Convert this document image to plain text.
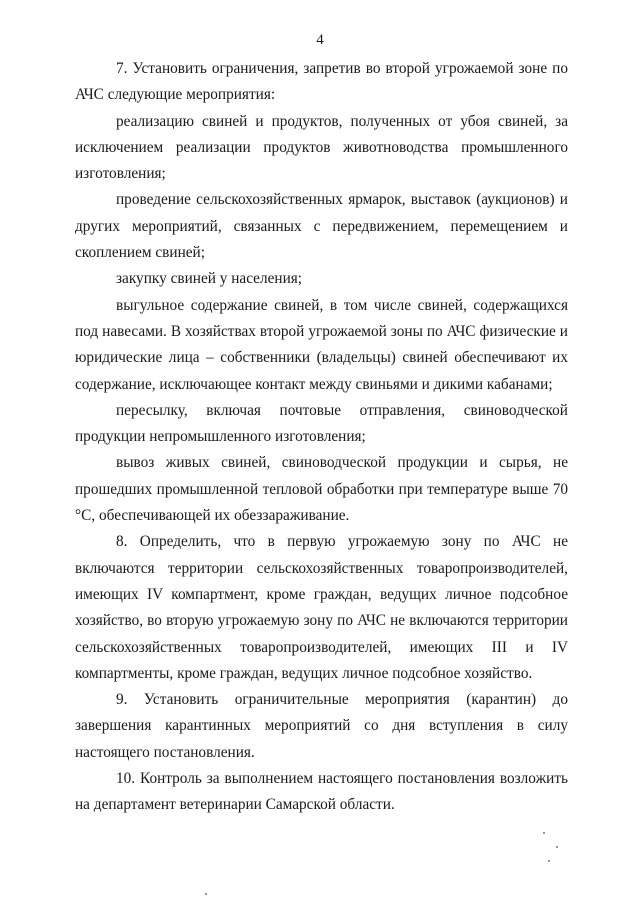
4

7. Установить ограничения, запретив во второй угрожаемой зоне по АЧС следующие мероприятия:

реализацию свиней и продуктов, полученных от убоя свиней, за исключением реализации продуктов животноводства промышленного изготовления;

проведение сельскохозяйственных ярмарок, выставок (аукционов) и других мероприятий, связанных с передвижением, перемещением и скоплением свиней;

закупку свиней у населения;

выгульное содержание свиней, в том числе свиней, содержащихся под навесами. В хозяйствах второй угрожаемой зоны по АЧС физические и юридические лица – собственники (владельцы) свиней обеспечивают их содержание, исключающее контакт между свиньями и дикими кабанами;

пересылку, включая почтовые отправления, свиноводческой продукции непромышленного изготовления;

вывоз живых свиней, свиноводческой продукции и сырья, не прошедших промышленной тепловой обработки при температуре выше 70 °С, обеспечивающей их обеззараживание.

8. Определить, что в первую угрожаемую зону по АЧС не включаются территории сельскохозяйственных товаропроизводителей, имеющих IV компартмент, кроме граждан, ведущих личное подсобное хозяйство, во вторую угрожаемую зону по АЧС не включаются территории сельскохозяйственных товаропроизводителей, имеющих III и IV компартменты, кроме граждан, ведущих личное подсобное хозяйство.

9. Установить ограничительные мероприятия (карантин) до завершения карантинных мероприятий со дня вступления в силу настоящего постановления.

10. Контроль за выполнением настоящего постановления возложить на департамент ветеринарии Самарской области.
